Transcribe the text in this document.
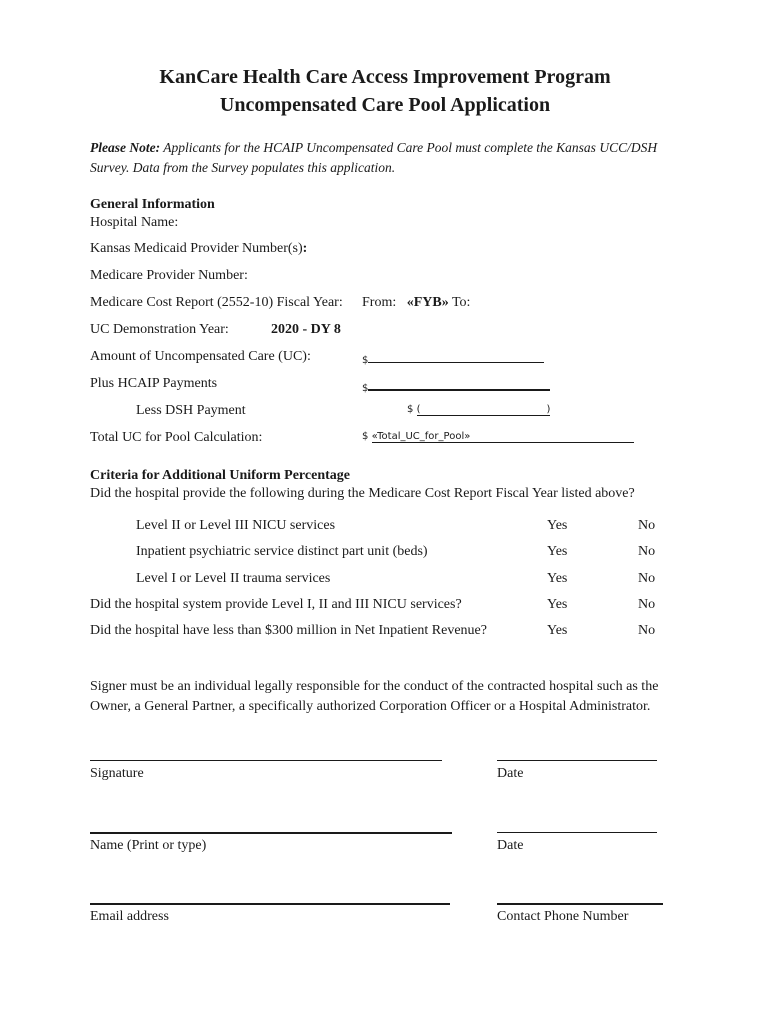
KanCare Health Care Access Improvement Program
Uncompensated Care Pool Application
Please Note: Applicants for the HCAIP Uncompensated Care Pool must complete the Kansas UCC/DSH Survey. Data from the Survey populates this application.
General Information
Hospital Name:
Kansas Medicaid Provider Number(s):
Medicare Provider Number:
Medicare Cost Report (2552-10) Fiscal Year: From: «FYB» To:
UC Demonstration Year:	2020 - DY 8
Amount of Uncompensated Care (UC):	$
Plus HCAIP Payments	$
Less DSH Payment	$ (	)
Total UC for Pool Calculation:	$ «Total_UC_for_Pool»
Criteria for Additional Uniform Percentage
Did the hospital provide the following during the Medicare Cost Report Fiscal Year listed above?
Level II or Level III NICU services	Yes	No
Inpatient psychiatric service distinct part unit (beds)	Yes	No
Level I or Level II trauma services	Yes	No
Did the hospital system provide Level I, II and III NICU services?	Yes	No
Did the hospital have less than $300 million in Net Inpatient Revenue?	Yes	No
Signer must be an individual legally responsible for the conduct of the contracted hospital such as the Owner, a General Partner, a specifically authorized Corporation Officer or a Hospital Administrator.
Signature	Date
Name (Print or type)	Date
Email address	Contact Phone Number
